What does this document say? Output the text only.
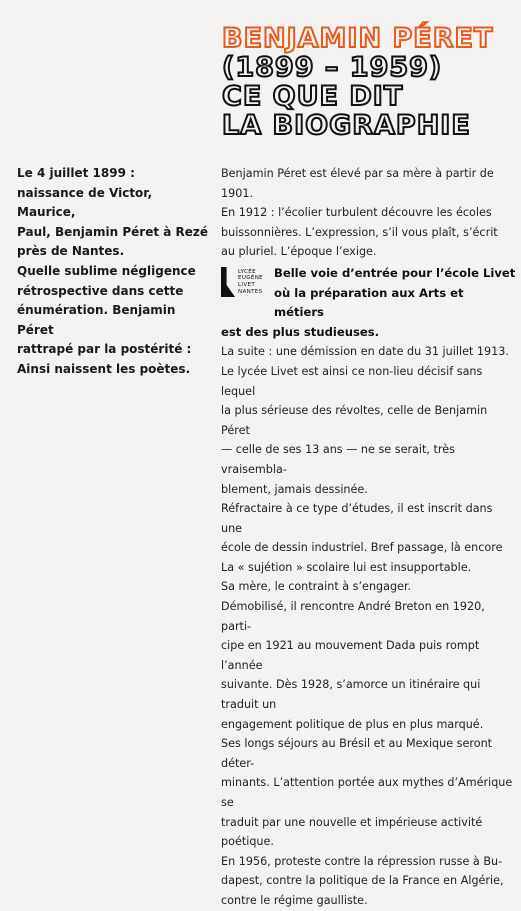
BENJAMIN PÉRET
(1899 – 1959)
CE QUE DIT
LA BIOGRAPHIE

Le 4 juillet 1899 :

naissance de Victor, Maurice,

Paul, Benjamin Péret à Rezé

près de Nantes.

Quelle sublime négligence

rétrospective dans cette

énumération. Benjamin Péret

rattrapé par la postérité :

Ainsi naissent les poètes.

Benjamin Péret est élevé par sa mère à partir de 1901.

En 1912 : l’écolier turbulent découvre les écoles

buissonnières. L’expression, s’il vous plaît, s’écrit

au pluriel. L’époque l’exige.

LYCÉE
EUGÈNE
LIVET
NANTES
Belle voie d’entrée pour l’école Livet
où la préparation aux Arts et métiers

est des plus studieuses.

La suite : une démission en date du 31 juillet 1913.

Le lycée Livet est ainsi ce non-lieu décisif sans lequel

la plus sérieuse des révoltes, celle de Benjamin Péret

— celle de ses 13 ans — ne se serait, très vraisembla-

blement, jamais dessinée.

Réfractaire à ce type d’études, il est inscrit dans une

école de dessin industriel. Bref passage, là encore

La « sujétion » scolaire lui est insupportable.

Sa mère, le contraint à s’engager.

Démobilisé, il rencontre André Breton en 1920, parti-

cipe en 1921 au mouvement Dada puis rompt l’année

suivante. Dès 1928, s’amorce un itinéraire qui traduit un

engagement politique de plus en plus marqué.

Ses longs séjours au Brésil et au Mexique seront déter-

minants. L’attention portée aux mythes d’Amérique se

traduit par une nouvelle et impérieuse activité poétique.

En 1956, proteste contre la répression russe à Bu-

dapest, contre la politique de la France en Algérie,

contre le régime gaulliste.
